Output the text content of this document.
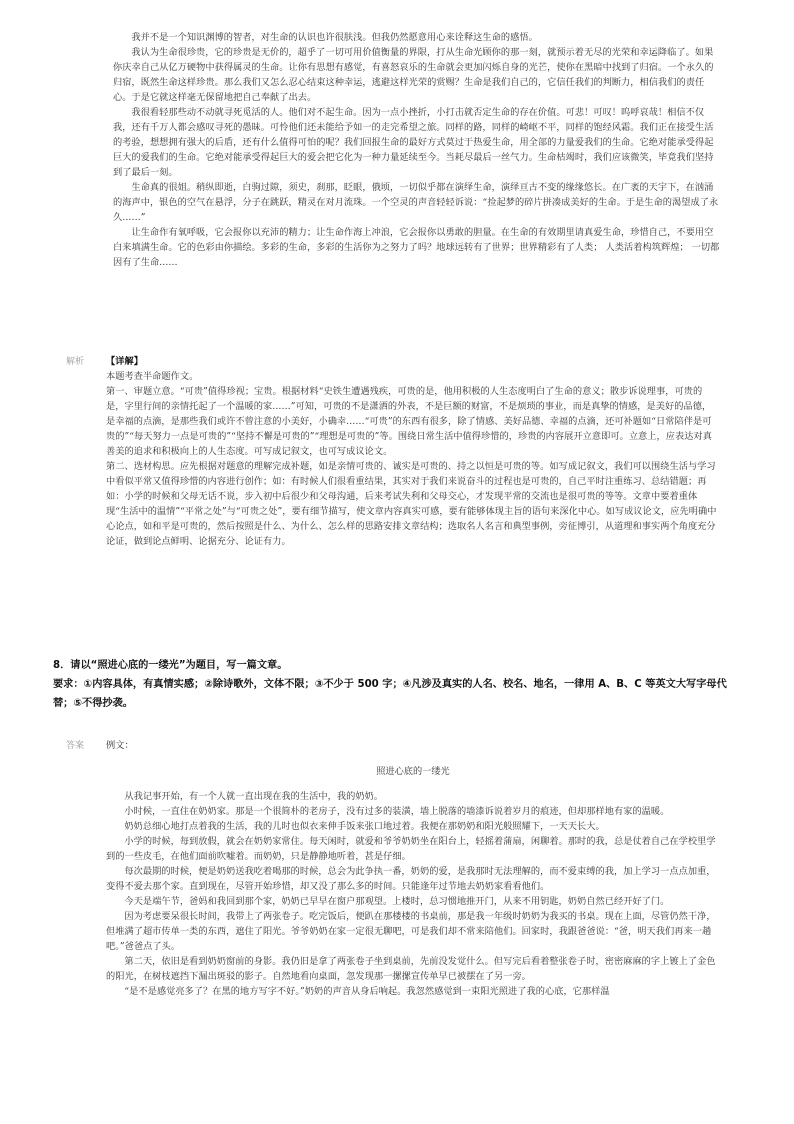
我并不是一个知识渊博的智者，对生命的认识也许很肤浅。但我仍然愿意用心来诠释这生命的感悟。

我认为生命很珍贵，它的珍贵是无价的，超乎了一切可用价值衡量的界限，打从生命光顾你的那一刻，就预示着无尽的光荣和幸运降临了。如果你庆幸自己从亿万硬物中获得属灵的生命。让你有思想有感觉，有喜怒哀乐的生命就会更加闪烁自身的光芒，使你在黑暗中找到了归宿。一个永久的归宿，既然生命这样珍贵。那么我们又怎么忍心结束这种幸运，逃避这样光荣的赏赐？生命是我们自己的，它信任我们的判断力，相信我们的责任心。于是它就这样毫无保留地把自己奉献了出去。

我很看轻那些动不动就寻死觅活的人。他们对不起生命。因为一点小挫折，小打击就否定生命的存在价值。可悲！可叹！呜呼哀哉！相信不仅我，还有千万人都会感叹寻死的愚昧。可怜他们还未能给予如一的走完希望之旅。同样的路，同样的崎岖不平，同样的饱经风霜。我们正在接受生活的考验，想想拥有强大的后盾，还有什么值得可怕的呢？我们回报生命的最好方式莫过于热爱生命，用全部的力量爱我们的生命。它绝对能承受得起巨大的爱我们的生命。它绝对能承受得起巨大的爱会把它化为一种力量延续至今。当耗尽最后一丝气力。生命枯竭时，我们应该微笑，毕竟我们坚持到了最后一刻。

生命真的很姐。稍纵即逝，白驹过隙，须史，刹那，眨眼，俄顷，一切似乎都在演绎生命，演绎亘古不变的缘缘悠长。在广袤的天宇下，在汹涌的海声中，银色的空气在悬浮，分子在跳跃，精灵在对月流珠。一个空灵的声音轻轻诉说：“捡起梦的碎片拼凑成美好的生命。于是生命的渴望成了永久……”

让生命作有氧呼吸，它会报你以充沛的精力；让生命作海上冲浪，它会报你以勇敢的胆量。在生命的有效期里请真爱生命，珍惜自己，不要用空白来填满生命。它的色彩由你描绘。多彩的生命，多彩的生活你为之努力了吗？地球远转有了世界；世界精彩有了人类； 人类活着构筑辉煌； 一切都因有了生命……

解析 【详解】

本题考查半命题作文。

第一、审题立意。“可贵”值得珍视；宝贵。根据材料“史铁生遭遇残疾，可贵的是，他用积极的人生态度明白了生命的意义；散步诉说理事，可贵的是，字里行间的亲情托起了一个温暖的家……”可知，可贵的不是潇洒的外表，不是巨额的财富，不是烦琐的事业，而是真挚的情感，是美好的品德，是幸福的点滴，是那些我们或许不曾注意的小美好，小确幸……“可贵”的东西有很多，除了情感、美好品德、幸福的点滴，还可补题如“日常陪伴是可贵的”“每天努力一点是可贵的”“坚持不懈是可贵的”“理想是可贵的”等。围绕日常生活中值得珍惜的，珍贵的内容展开立意即可。立意上，应表达对真善美的追求和积极向上的人生态度。可写成记叙文，也可写成议论文。

第二、选材构思。应先根据对题意的理解完成补题，如是亲情可贵的、诚实是可贵的、持之以恒是可贵的等。如写成记叙文，我们可以围绕生活与学习中看似平常又值得珍惜的内容进行创作；如：有时候人们很看重结果，其实对于我们来说奋斗的过程也是可贵的，自己平时注重练习、总结错题；再如：小学的时候和父母无话不说，步入初中后很少和父母沟通，后来考试失利和父母交心，才发现平常的交流也是很可贵的等等。文章中要着重体现“生活中的温情”“平常之处”与“可贵之处”，要有细节描写，使文章内容真实可感，要有能够体现主旨的语句来深化中心。如写成议论文，应先明确中心论点，如和平是可贵的，然后按照是什么、为什么、怎么样的思路安排文章结构；选取名人名言和典型事例，旁征博引，从道理和事实两个角度充分论证，做到论点鲜明、论据充分、论证有力。

8．请以“照进心底的一缕光”为题目，写一篇文章。

要求：①内容具体，有真情实感；②除诗歌外，文体不限；③不少于 500 字；④凡涉及真实的人名、校名、地名，一律用 A、B、C 等英文大写字母代替；⑤不得抄袭。

答案 例文：

照进心底的一缕光

从我记事开始，有一个人就一直出现在我的生活中，我的奶奶。

小时候，一直住在奶奶家。那是一个很简朴的老房子，没有过多的装潢，墙上脱落的墙漆诉说着岁月的痕迹，但却那样地有家的温暖。

奶奶总细心地打点着我的生活，我的儿时也似衣来伸手饭来张口地过着。我便在那奶奶和阳光般照耀下，一天天长大。

小学的时候，每到放假，就会在奶奶家常住。每天闲时，就爱和爷爷奶奶坐在阳台上，轻摇着蒲扇，闲聊着。那时的我，总是仗着自己在学校里学到的一些皮毛，在他们面前吹嘘着。而奶奶，只是静静地听着，甚是仔细。

每次最期的时候，便是奶奶送我吃着喝那的时候，总会为此争执一番，奶奶的爱，是我那时无法理解的，而不爱束缚的我，加上学习一点点加重，变得不爱去那个家。直到现在，尽管开始珍惜，却又没了那么多的时间。只能逢年过节地去奶奶家看看他们。

今天是端午节，爸妈和我回到那个家，奶奶已早早在窗户那观望。上楼时，总习惯地推开门，从来不用钥匙，奶奶自然已经开好了门。

因为考虑要呆很长时间，我带上了两张卷子。吃完饭后，便趴在那楼楼的书桌前，那是我一年级时奶奶为我买的书桌。现在上面，尽管仍然干净，但堆满了超市传单一类的东西，遮住了阳光。爷爷奶奶在家一定很无聊吧，可是我们却不常来陪他们。回家时，我跟爸爸说：“爸，明天我们再来一趟吧。”爸爸点了头。

第二天，依旧是看到奶奶窗前的身影。我仍旧是拿了两张卷子坐到桌前，先前没发觉什么。但写完后看着整张卷子时，密密麻麻的字上镀上了金色的阳光，在树枝遮挡下漏出斑驳的影子。自然地看向桌面，忽发现那一摞摞宣传单早已被摆在了另一旁。

“是不是感觉亮多了？在黑的地方写字不好。”奶奶的声音从身后响起。我忽然感觉到一束阳光照进了我的心底，它那样温
